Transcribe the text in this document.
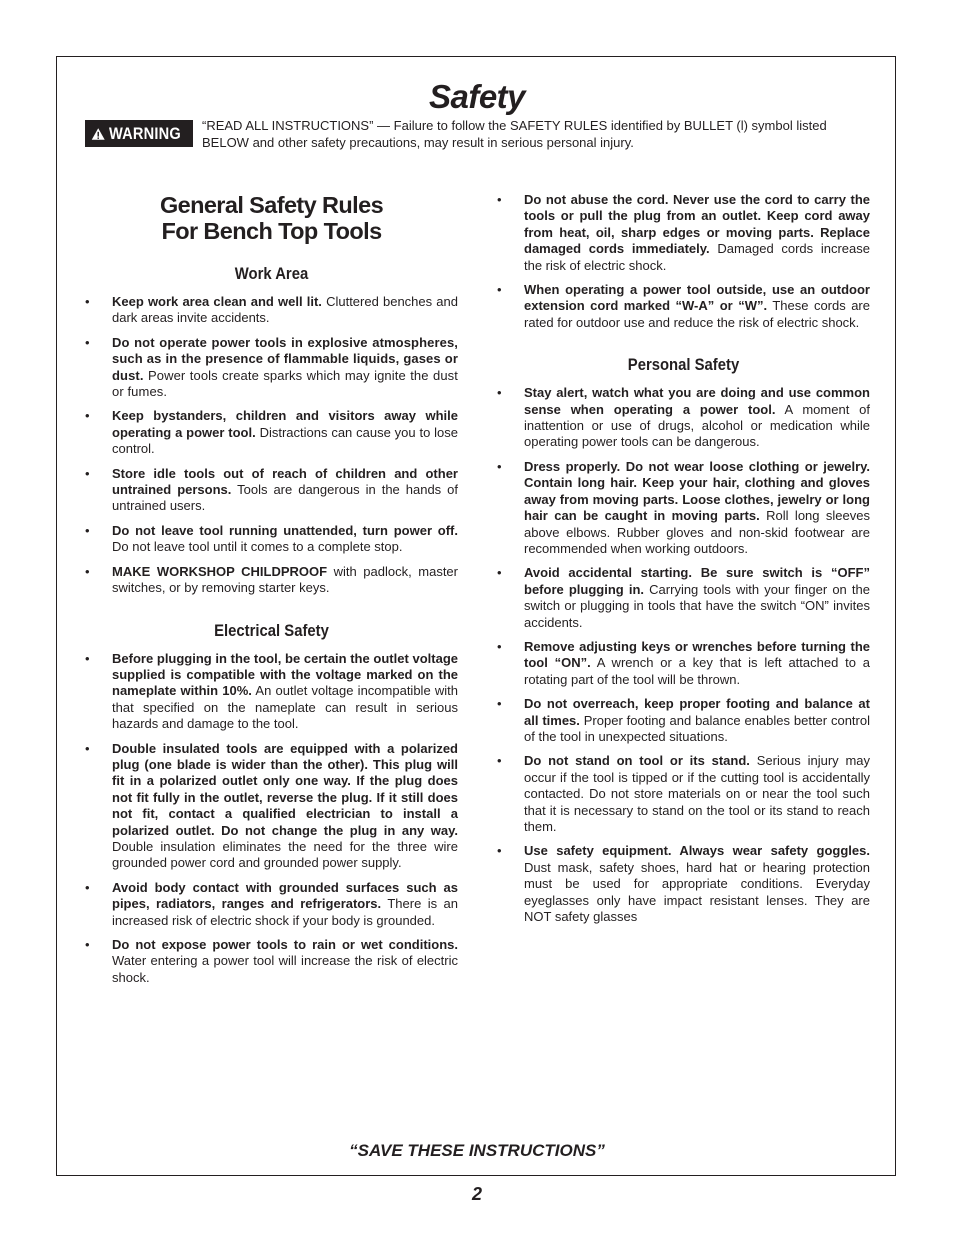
Safety
WARNING “READ ALL INSTRUCTIONS” — Failure to follow the SAFETY RULES identified by BULLET (l) symbol listed BELOW and other safety precautions, may result in serious personal injury.
General Safety Rules
For Bench Top Tools
Work Area
• Keep work area clean and well lit. Cluttered benches and dark areas invite accidents.
• Do not operate power tools in explosive atmospheres, such as in the presence of flammable liquids, gases or dust. Power tools create sparks which may ignite the dust or fumes.
• Keep bystanders, children and visitors away while operating a power tool. Distractions can cause you to lose control.
• Store idle tools out of reach of children and other untrained persons. Tools are dangerous in the hands of untrained users.
• Do not leave tool running unattended, turn power off. Do not leave tool until it comes to a complete stop.
• MAKE WORKSHOP CHILDPROOF with padlock, master switches, or by removing starter keys.
Electrical Safety
• Before plugging in the tool, be certain the outlet voltage supplied is compatible with the voltage marked on the nameplate within 10%. An outlet voltage incompatible with that specified on the nameplate can result in serious hazards and damage to the tool.
• Double insulated tools are equipped with a polarized plug (one blade is wider than the other). This plug will fit in a polarized outlet only one way. If the plug does not fit fully in the outlet, reverse the plug. If it still does not fit, contact a qualified electrician to install a polarized outlet. Do not change the plug in any way. Double insulation eliminates the need for the three wire grounded power cord and grounded power supply.
• Avoid body contact with grounded surfaces such as pipes, radiators, ranges and refrigerators. There is an increased risk of electric shock if your body is grounded.
• Do not expose power tools to rain or wet conditions. Water entering a power tool will increase the risk of electric shock.
• Do not abuse the cord. Never use the cord to carry the tools or pull the plug from an outlet. Keep cord away from heat, oil, sharp edges or moving parts. Replace damaged cords immediately. Damaged cords increase the risk of electric shock.
• When operating a power tool outside, use an outdoor extension cord marked “W-A” or “W”. These cords are rated for outdoor use and reduce the risk of electric shock.
Personal Safety
• Stay alert, watch what you are doing and use common sense when operating a power tool. A moment of inattention or use of drugs, alcohol or medication while operating power tools can be dangerous.
• Dress properly. Do not wear loose clothing or jewelry. Contain long hair. Keep your hair, clothing and gloves away from moving parts. Loose clothes, jewelry or long hair can be caught in moving parts. Roll long sleeves above elbows. Rubber gloves and non-skid footwear are recommended when working outdoors.
• Avoid accidental starting. Be sure switch is “OFF” before plugging in. Carrying tools with your finger on the switch or plugging in tools that have the switch “ON” invites accidents.
• Remove adjusting keys or wrenches before turning the tool “ON”. A wrench or a key that is left attached to a rotating part of the tool will be thrown.
• Do not overreach, keep proper footing and balance at all times. Proper footing and balance enables better control of the tool in unexpected situations.
• Do not stand on tool or its stand. Serious injury may occur if the tool is tipped or if the cutting tool is accidentally contacted. Do not store materials on or near the tool such that it is necessary to stand on the tool or its stand to reach them.
• Use safety equipment. Always wear safety goggles. Dust mask, safety shoes, hard hat or hearing protection must be used for appropriate conditions. Everyday eyeglasses only have impact resistant lenses. They are NOT safety glasses
“SAVE THESE INSTRUCTIONS”
2
